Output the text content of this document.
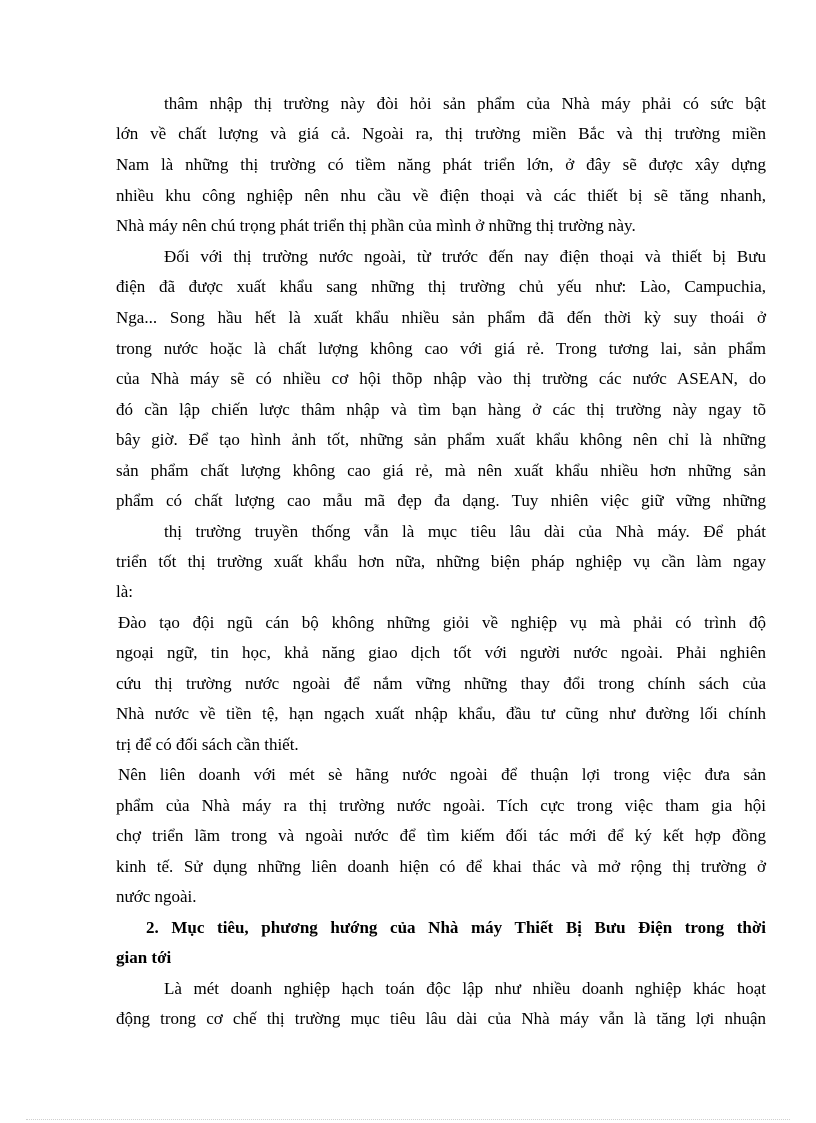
thâm nhập thị trường này đòi hỏi sản phẩm của Nhà máy phải có sức bật

lớn về chất lượng và giá cả. Ngoài ra, thị trường miền Bắc và thị trường miền

Nam là những thị trường có tiềm năng phát triển lớn, ở đây sẽ được xây dựng

nhiều khu công nghiệp nên nhu cầu về điện thoại và các thiết bị sẽ tăng nhanh,

Nhà máy nên chú trọng phát triển thị phần của mình ở những thị trường này.

Đối với thị trường nước ngoài, từ trước đến nay điện thoại và thiết bị Bưu

điện đã được xuất khẩu sang những thị trường chủ yếu như: Lào, Campuchia,

Nga... Song hầu hết là xuất khẩu nhiều sản phẩm đã đến thời kỳ suy thoái ở

trong nước hoặc là chất lượng không cao với giá rẻ. Trong tương lai, sản phẩm

của Nhà máy sẽ có nhiều cơ hội thõp nhập vào thị trường các nước ASEAN, do

đó cần lập chiến lược thâm nhập và tìm bạn hàng ở các thị trường này ngay tõ

bây giờ. Để tạo hình ảnh tốt, những sản phẩm xuất khẩu không nên chỉ là những

sản phẩm chất lượng không cao giá rẻ, mà nên xuất khẩu nhiều hơn những sản

phẩm có chất lượng cao mẫu mã đẹp đa dạng. Tuy nhiên việc giữ vững những

thị trường truyền thống vẫn là mục tiêu lâu dài của Nhà máy. Để phát

triển tốt thị trường xuất khẩu hơn nữa, những biện pháp nghiệp vụ cần làm ngay

là:

Đào tạo đội ngũ cán bộ không những giỏi về nghiệp vụ mà phải có trình độ

ngoại ngữ, tin học, khả năng giao dịch tốt với người nước ngoài. Phải nghiên

cứu thị trường nước ngoài để nắm vững những thay đổi trong chính sách của

Nhà nước về tiền tệ, hạn ngạch xuất nhập khẩu, đầu tư cũng như đường lối chính

trị để có đối sách cần thiết.

Nên liên doanh với mét sè hãng nước ngoài để thuận lợi trong việc đưa sản

phẩm của Nhà máy ra thị trường nước ngoài. Tích cực trong việc tham gia hội

chợ triển lãm trong và ngoài nước để tìm kiếm đối tác mới để ký kết hợp đồng

kinh tế. Sử dụng những liên doanh hiện có để khai thác và mở rộng thị trường ở

nước ngoài.

2. Mục tiêu, phương hướng của Nhà máy Thiết Bị Bưu Điện trong thời

gian tới

Là mét doanh nghiệp hạch toán độc lập như nhiều doanh nghiệp khác hoạt

động trong cơ chế thị trường mục tiêu lâu dài của Nhà máy vẫn là tăng lợi nhuận
